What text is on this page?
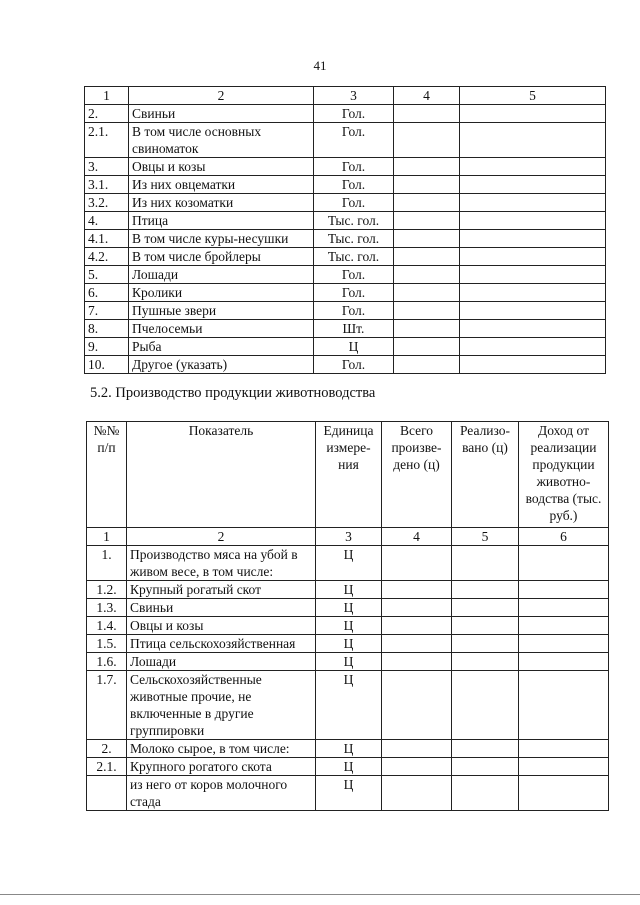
41
1	2	3	4	5
2.	Свиньи	Гол.		
2.1.	В том числе основных свиноматок	Гол.		
3.	Овцы и козы	Гол.		
3.1.	Из них овцематки	Гол.		
3.2.	Из них козоматки	Гол.		
4.	Птица	Тыс. гол.		
4.1.	В том числе куры-несушки	Тыс. гол.		
4.2.	В том числе бройлеры	Тыс. гол.		
5.	Лошади	Гол.		
6.	Кролики	Гол.		
7.	Пушные звери	Гол.		
8.	Пчелосемьи	Шт.		
9.	Рыба	Ц		
10.	Другое (указать)	Гол.		
5.2. Производство продукции животноводства
№№ п/п	Показатель	Единица измере-ния	Всего произве-дено (ц)	Реализо-вано (ц)	Доход от реализации продукции животно-водства (тыс. руб.)
1	2	3	4	5	6
1.	Производство мяса на убой в живом весе, в том числе:	Ц			
1.2.	Крупный рогатый скот	Ц			
1.3.	Свиньи	Ц			
1.4.	Овцы и козы	Ц			
1.5.	Птица сельскохозяйственная	Ц			
1.6.	Лошади	Ц			
1.7.	Сельскохозяйственные животные прочие, не включенные в другие группировки	Ц			
2.	Молоко сырое, в том числе:	Ц			
2.1.	Крупного рогатого скота	Ц			
	из него от коров молочного стада	Ц			
